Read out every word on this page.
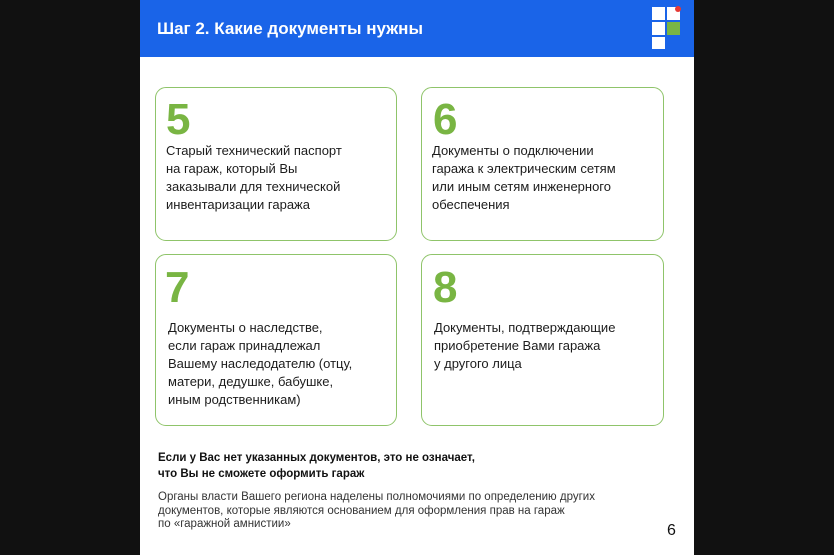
Шаг 2. Какие документы нужны
5
Старый технический паспорт
на гараж, который Вы
заказывали для технической
инвентаризации гаража
6
Документы о подключении
гаража к электрическим сетям
или иным сетям инженерного
обеспечения
7
Документы о наследстве,
если гараж принадлежал
Вашему наследодателю (отцу,
матери, дедушке, бабушке,
иным родственникам)
8
Документы, подтверждающие
приобретение Вами гаража
у другого лица
Если у Вас нет указанных документов, это не означает,
что Вы не сможете оформить гараж
Органы власти Вашего региона наделены полномочиями по определению других
документов, которые являются основанием для оформления прав на гараж
по «гаражной амнистии»	6
